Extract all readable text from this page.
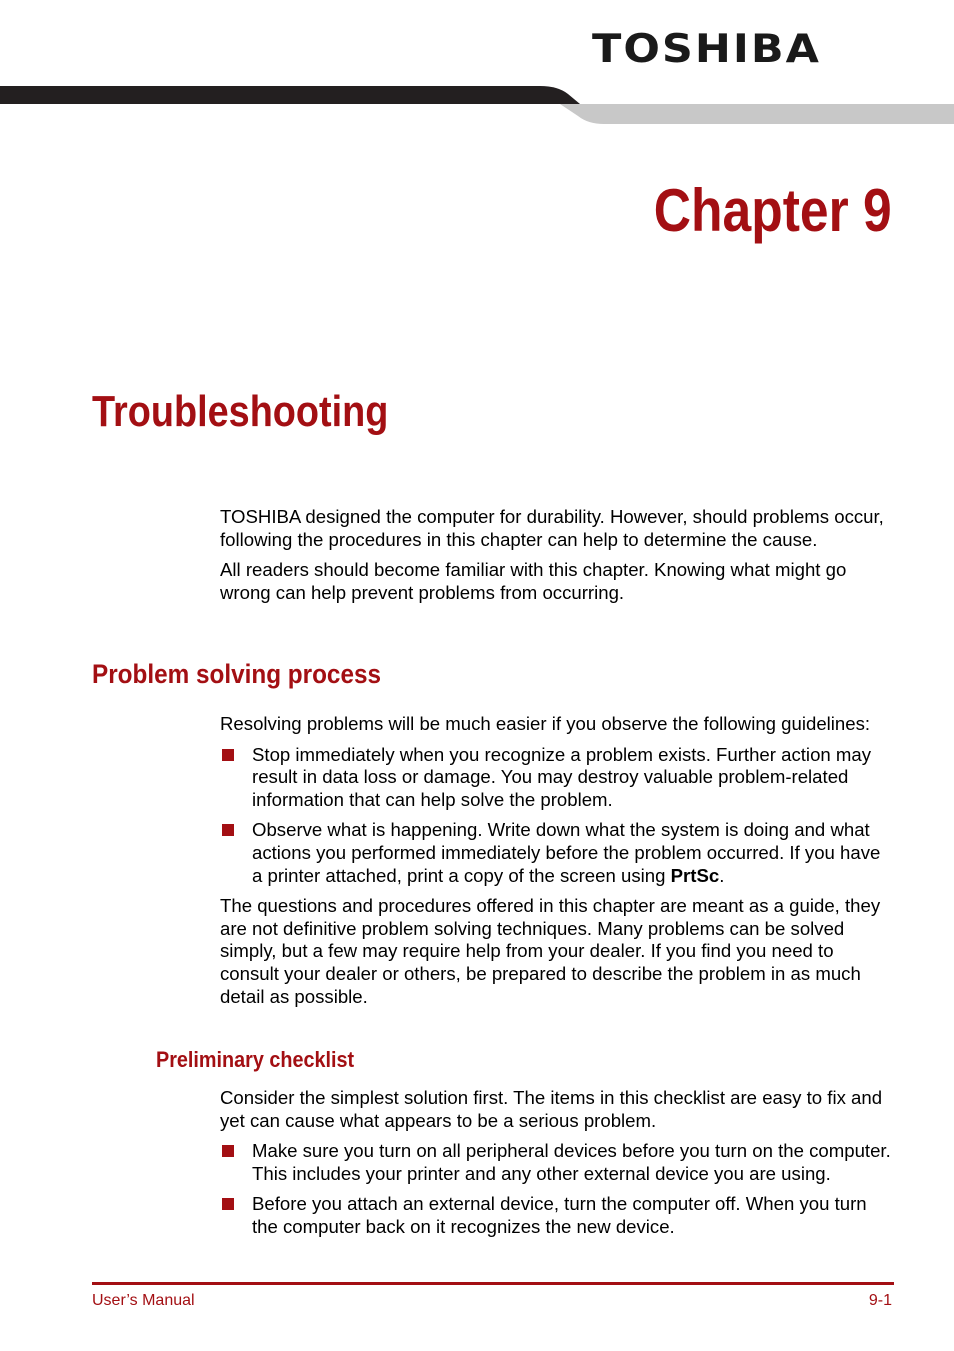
TOSHIBA
Chapter 9
Troubleshooting

TOSHIBA designed the computer for durability. However, should problems occur, following the procedures in this chapter can help to determine the cause.

All readers should become familiar with this chapter. Knowing what might go wrong can help prevent problems from occurring.

Problem solving process

Resolving problems will be much easier if you observe the following guidelines:

Stop immediately when you recognize a problem exists. Further action may result in data loss or damage. You may destroy valuable problem-related information that can help solve the problem.
Observe what is happening. Write down what the system is doing and what actions you performed immediately before the problem occurred. If you have a printer attached, print a copy of the screen using PrtSc.

The questions and procedures offered in this chapter are meant as a guide, they are not definitive problem solving techniques. Many problems can be solved simply, but a few may require help from your dealer. If you find you need to consult your dealer or others, be prepared to describe the problem in as much detail as possible.

Preliminary checklist

Consider the simplest solution first. The items in this checklist are easy to fix and yet can cause what appears to be a serious problem.

Make sure you turn on all peripheral devices before you turn on the computer. This includes your printer and any other external device you are using.
Before you attach an external device, turn the computer off. When you turn the computer back on it recognizes the new device.
User’s Manual	9-1
